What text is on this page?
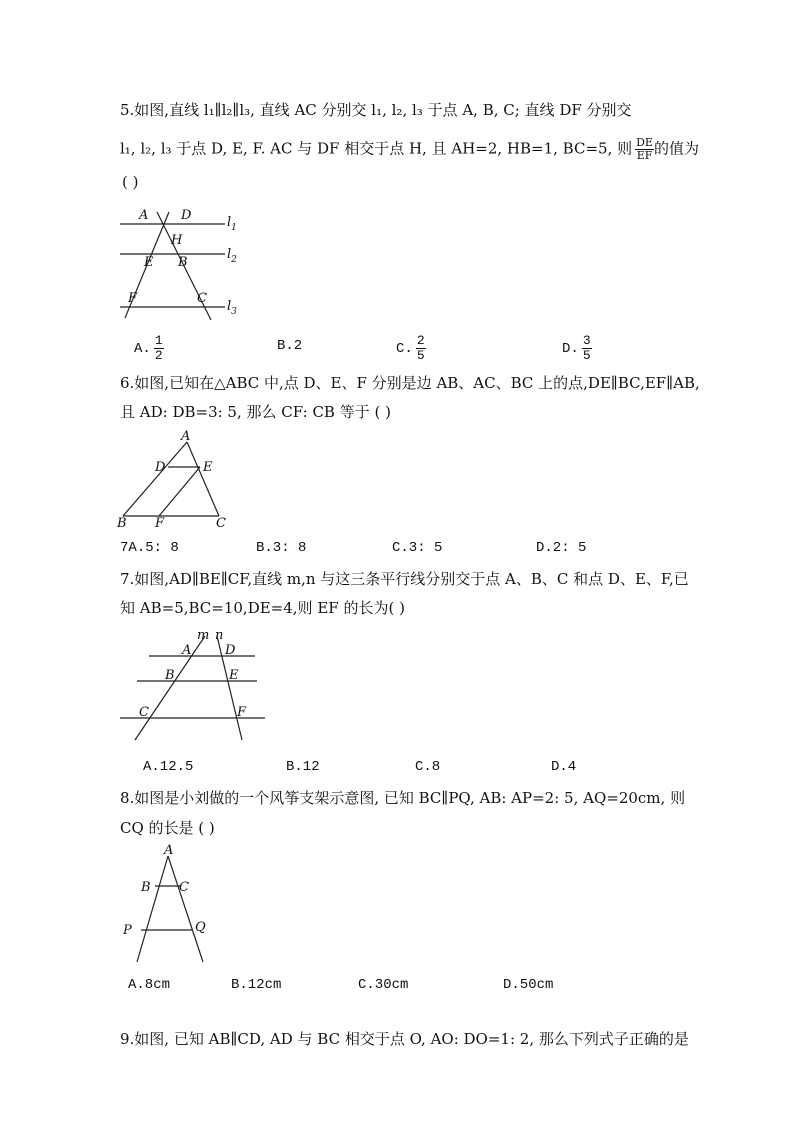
5.如图,直线 l₁∥l₂∥l₃, 直线 AC 分别交 l₁, l₂, l₃ 于点 A, B, C; 直线 DF 分别交
l₁, l₂, l₃ 于点 D, E, F. AC 与 DF 相交于点 H, 且 AH=2, HB=1, BC=5, 则 $\frac{DE}{EF}$ 的值为
( )
A	D
H
E B
F	C
$l_1$
$l_2$
$l_3$
A. $\frac{1}{2}$	B.2	C. $\frac{2}{5}$	D. $\frac{3}{5}$
6.如图,已知在△ABC 中,点 D、E、F 分别是边 AB、AC、BC 上的点,DE∥BC,EF∥AB,
且 AD: DB=3: 5, 那么 CF: CB 等于 ( )
A
D	E
B F	C
7A.5: 8	B.3: 8	C.3: 5	D.2: 5
7.如图,AD∥BE∥CF,直线 m,n 与这三条平行线分别交于点 A、B、C 和点 D、E、F,已
知 AB=5,BC=10,DE=4,则 EF 的长为( )
m n
A	D
B	E
C	F
A.12.5	B.12	C.8	D.4
8.如图是小刘做的一个风筝支架示意图, 已知 BC∥PQ, AB: AP=2: 5, AQ=20cm, 则
CQ 的长是 ( )
A
B C
P	Q
A.8cm	B.12cm	C.30cm	D.50cm
9.如图, 已知 AB∥CD, AD 与 BC 相交于点 O, AO: DO=1: 2, 那么下列式子正确的是
